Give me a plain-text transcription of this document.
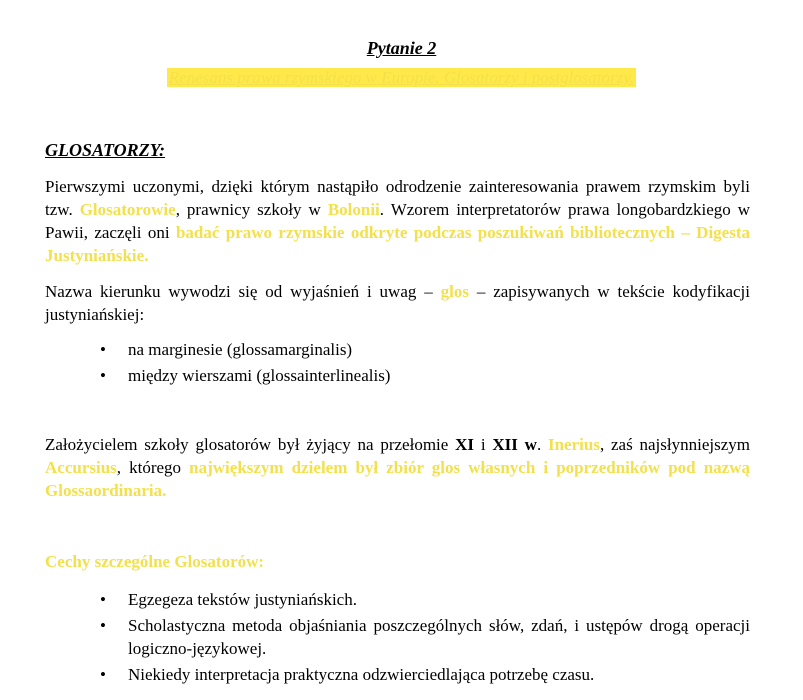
Pytanie 2
Renesans prawa rzymskiego w Europie. Glosatorzy i postglosatorzy.
GLOSATORZY:

Pierwszymi uczonymi, dzięki którym nastąpiło odrodzenie zainteresowania prawem rzymskim byli tzw. Glosatorowie, prawnicy szkoły w Bolonii. Wzorem interpretatorów prawa longobardzkiego w Pawii, zaczęli oni badać prawo rzymskie odkryte podczas poszukiwań bibliotecznych – Digesta Justyniańskie.

Nazwa kierunku wywodzi się od wyjaśnień i uwag – glos – zapisywanych w tekście kodyfikacji justyniańskiej:

• na marginesie (glossamarginalis)
• między wierszami (glossainterlinealis)

Założycielem szkoły glosatorów był żyjący na przełomie XI i XII w. Inerius, zaś najsłynniejszym Accursius, którego największym dzielem był zbiór glos własnych i poprzedników pod nazwą Glossaordinaria.

Cechy szczególne Glosatorów:
• Egzegeza tekstów justyniańskich.
• Scholastyczna metoda objaśniania poszczególnych słów, zdań, i ustępów drogą operacji logiczno-językowej.
• Niekiedy interpretacja praktyczna odzwierciedlająca potrzebę czasu.
